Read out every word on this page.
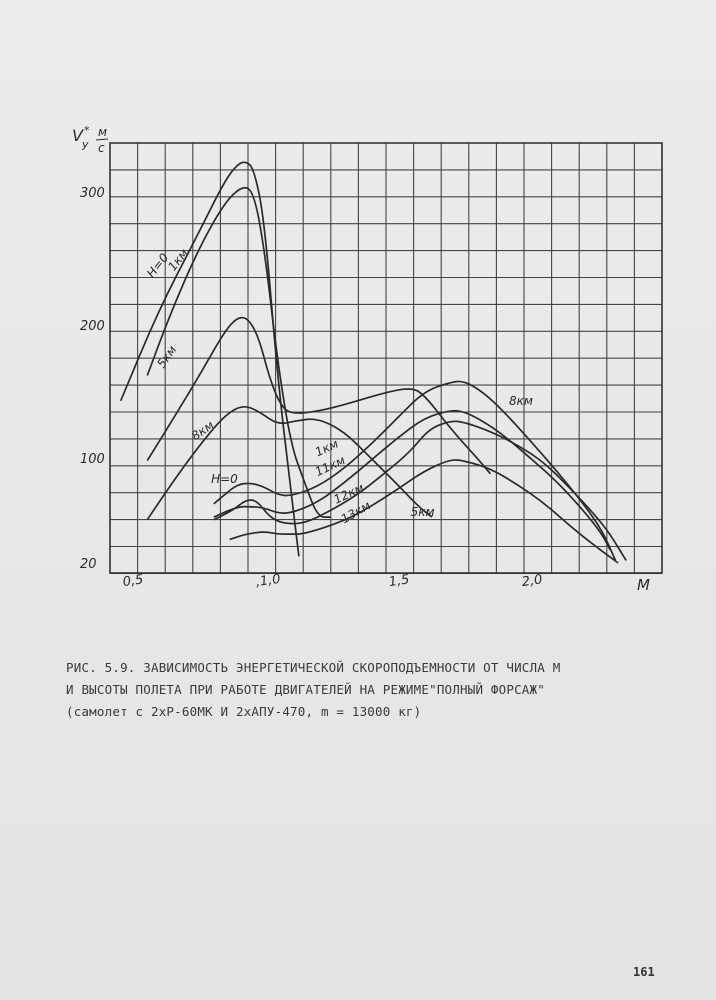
0,5	,1,0	1,5	2,0
20
100
200
300
H=0
1км
5км
8км
H=0
1км
11км
12км
13км	5км
8км
M
V y
* м
с
РИС. 5.9. ЗАВИСИМОСТЬ ЭНЕРГЕТИЧЕСКОЙ СКОРОПОДЪЕМНОСТИ ОТ ЧИСЛА М
И ВЫСОТЫ ПОЛЕТА ПРИ РАБОТЕ ДВИГАТЕЛЕЙ НА РЕЖИМЕ"ПОЛНЫЙ ФОРСАЖ"
(самолет с 2хР-60МК И 2хАПУ-470, m = 13000 кг)
161
